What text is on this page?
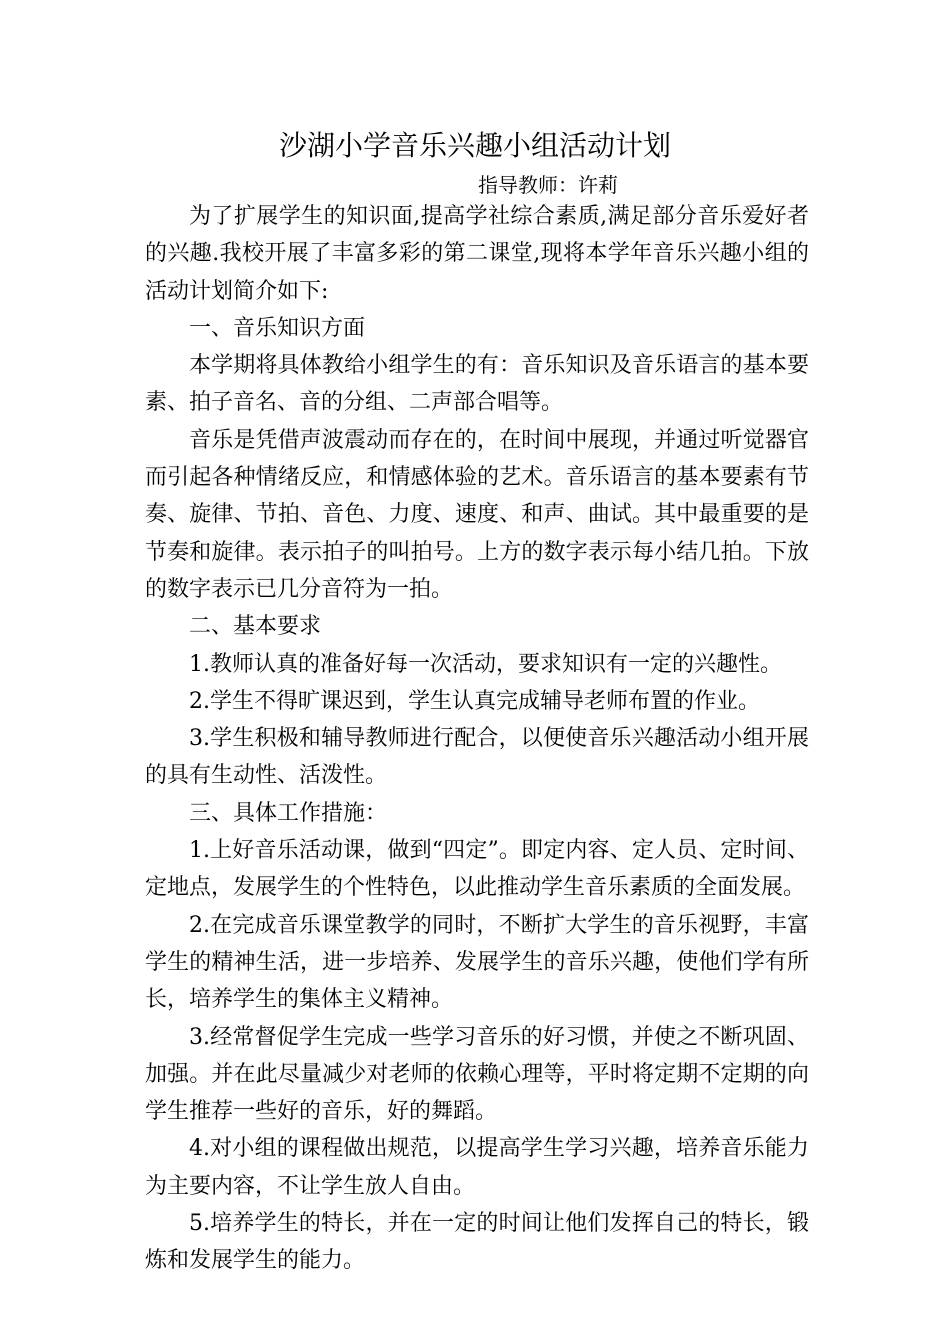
沙湖小学音乐兴趣小组活动计划
指导教师：许莉

为了扩展学生的知识面,提高学社综合素质,满足部分音乐爱好者的兴趣.我校开展了丰富多彩的第二课堂,现将本学年音乐兴趣小组的活动计划简介如下:

一、音乐知识方面

本学期将具体教给小组学生的有：音乐知识及音乐语言的基本要素、拍子音名、音的分组、二声部合唱等。

音乐是凭借声波震动而存在的，在时间中展现，并通过听觉器官而引起各种情绪反应，和情感体验的艺术。音乐语言的基本要素有节奏、旋律、节拍、音色、力度、速度、和声、曲试。其中最重要的是节奏和旋律。表示拍子的叫拍号。上方的数字表示每小结几拍。下放的数字表示已几分音符为一拍。

二、基本要求

1.教师认真的准备好每一次活动，要求知识有一定的兴趣性。

2.学生不得旷课迟到，学生认真完成辅导老师布置的作业。

3.学生积极和辅导教师进行配合，以便使音乐兴趣活动小组开展的具有生动性、活泼性。

三、具体工作措施：

1.上好音乐活动课，做到“四定”。即定内容、定人员、定时间、定地点，发展学生的个性特色，以此推动学生音乐素质的全面发展。

2.在完成音乐课堂教学的同时，不断扩大学生的音乐视野，丰富学生的精神生活，进一步培养、发展学生的音乐兴趣，使他们学有所长，培养学生的集体主义精神。

3.经常督促学生完成一些学习音乐的好习惯，并使之不断巩固、加强。并在此尽量减少对老师的依赖心理等，平时将定期不定期的向学生推荐一些好的音乐，好的舞蹈。

4.对小组的课程做出规范，以提高学生学习兴趣，培养音乐能力为主要内容，不让学生放人自由。

5.培养学生的特长，并在一定的时间让他们发挥自己的特长，锻炼和发展学生的能力。
